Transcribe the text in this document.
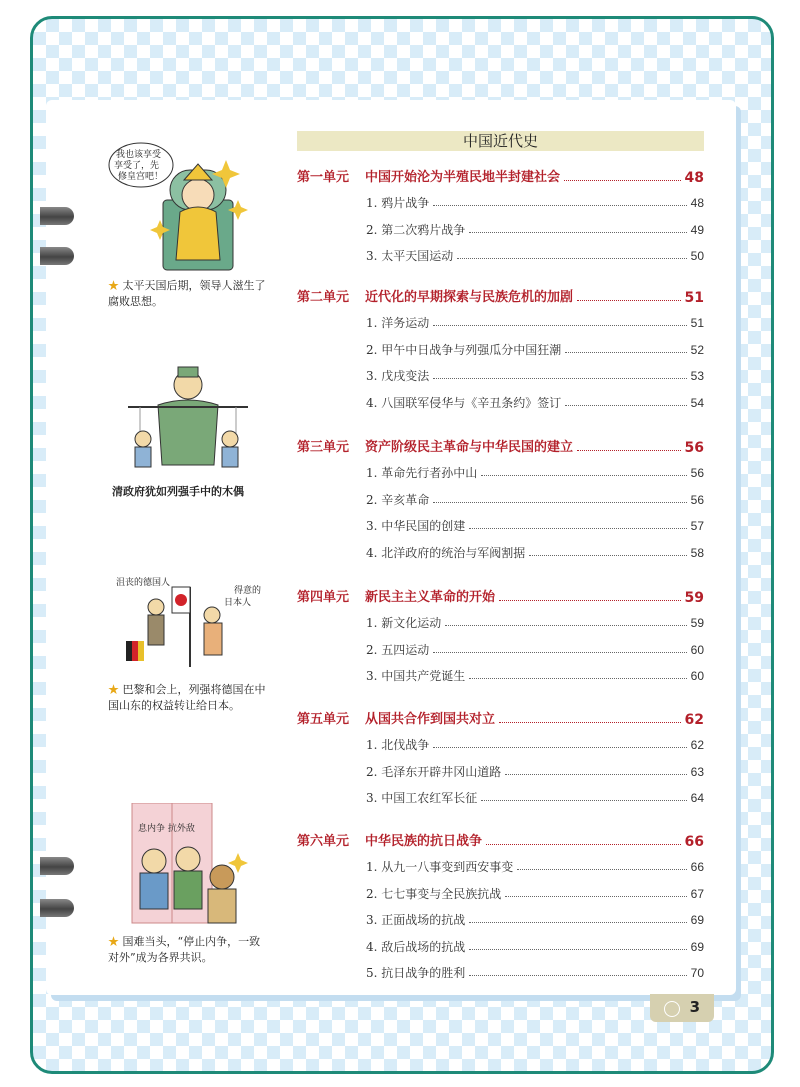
中国近代史
第一单元	中国开始沦为半殖民地半封建社会	48
1. 鸦片战争	48
2. 第二次鸦片战争	49
3. 太平天国运动	50
第二单元	近代化的早期探索与民族危机的加剧	51
1. 洋务运动	51
2. 甲午中日战争与列强瓜分中国狂潮	52
3. 戊戌变法	53
4. 八国联军侵华与《辛丑条约》签订	54
第三单元	资产阶级民主革命与中华民国的建立	56
1. 革命先行者孙中山	56
2. 辛亥革命	56
3. 中华民国的创建	57
4. 北洋政府的统治与军阀割据	58
第四单元	新民主主义革命的开始	59
1. 新文化运动	59
2. 五四运动	60
3. 中国共产党诞生	60
第五单元	从国共合作到国共对立	62
1. 北伐战争	62
2. 毛泽东开辟井冈山道路	63
3. 中国工农红军长征	64
第六单元	中华民族的抗日战争	66
1. 从九一八事变到西安事变	66
2. 七七事变与全民族抗战	67
3. 正面战场的抗战	69
4. 敌后战场的抗战	69
5. 抗日战争的胜利	70
我也该享受
享受了，先
修皇宫吧！
★ 太平天国后期，领导人滋生了腐败思想。
清政府犹如列强手中的木偶
沮丧的德国人
得意的
日本人
★ 巴黎和会上，列强将德国在中国山东的权益转让给日本。
息内争 抗外敌
★ 国难当头，“停止内争，一致对外”成为各界共识。
3
